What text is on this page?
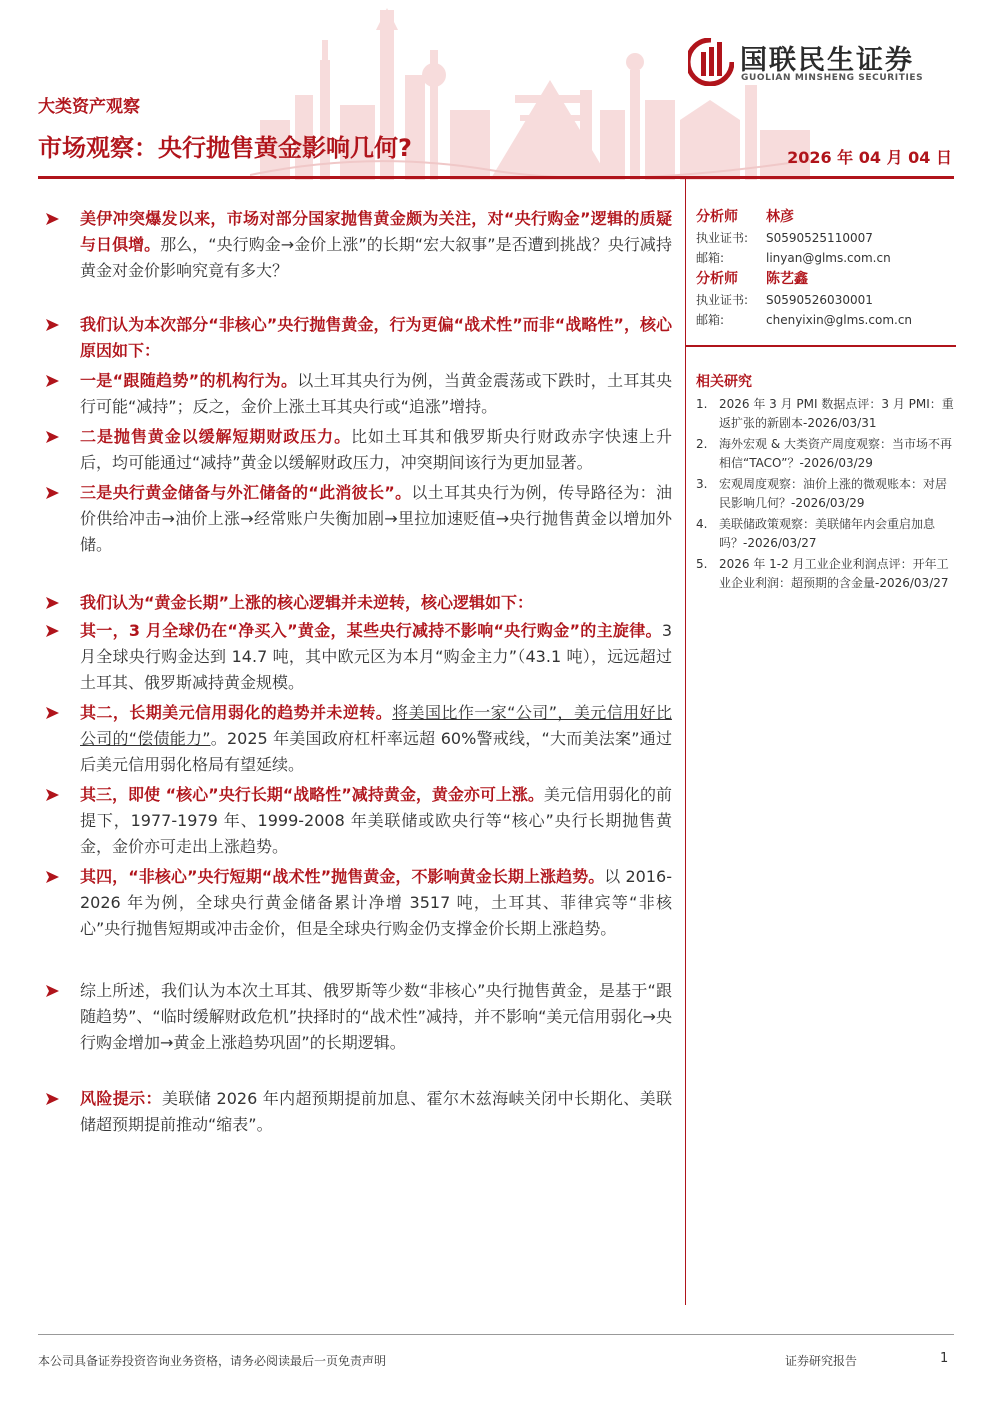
国联民生证券
GUOLIAN MINSHENG SECURITIES
大类资产观察
市场观察：央行抛售黄金影响几何?	2026 年 04 月 04 日
美伊冲突爆发以来，市场对部分国家抛售黄金颇为关注，对“央行购金”逻辑的质疑与日俱增。那么，“央行购金→金价上涨”的长期“宏大叙事”是否遭到挑战？央行减持黄金对金价影响究竟有多大？
我们认为本次部分“非核心”央行抛售黄金，行为更偏“战术性”而非“战略性”，核心原因如下：
一是“跟随趋势”的机构行为。以土耳其央行为例，当黄金震荡或下跌时，土耳其央行可能“减持”；反之，金价上涨土耳其央行或“追涨”增持。
二是抛售黄金以缓解短期财政压力。比如土耳其和俄罗斯央行财政赤字快速上升后，均可能通过“减持”黄金以缓解财政压力，冲突期间该行为更加显著。
三是央行黄金储备与外汇储备的“此消彼长”。以土耳其央行为例，传导路径为：油价供给冲击→油价上涨→经常账户失衡加剧→里拉加速贬值→央行抛售黄金以增加外储。
我们认为“黄金长期”上涨的核心逻辑并未逆转，核心逻辑如下：
其一，3 月全球仍在“净买入”黄金，某些央行减持不影响“央行购金”的主旋律。3 月全球央行购金达到 14.7 吨，其中欧元区为本月“购金主力”（43.1 吨），远远超过土耳其、俄罗斯减持黄金规模。
其二，长期美元信用弱化的趋势并未逆转。将美国比作一家“公司”，美元信用好比公司的“偿债能力”。2025 年美国政府杠杆率远超 60%警戒线，“大而美法案”通过后美元信用弱化格局有望延续。
其三，即使 “核心”央行长期“战略性”减持黄金，黄金亦可上涨。美元信用弱化的前提下，1977-1979 年、1999-2008 年美联储或欧央行等“核心”央行长期抛售黄金，金价亦可走出上涨趋势。
其四，“非核心”央行短期“战术性”抛售黄金，不影响黄金长期上涨趋势。以 2016-2026 年为例，全球央行黄金储备累计净增 3517 吨，土耳其、菲律宾等“非核心”央行抛售短期或冲击金价，但是全球央行购金仍支撑金价长期上涨趋势。
综上所述，我们认为本次土耳其、俄罗斯等少数“非核心”央行抛售黄金，是基于“跟随趋势”、“临时缓解财政危机”抉择时的“战术性”减持，并不影响“美元信用弱化→央行购金增加→黄金上涨趋势巩固”的长期逻辑。
风险提示：美联储 2026 年内超预期提前加息、霍尔木兹海峡关闭中长期化、美联储超预期提前推动“缩表”。
分析师 林彦
执业证书: S0590525110007
邮箱:	linyan@glms.com.cn
分析师 陈艺鑫
执业证书: S0590526030001
邮箱:	chenyixin@glms.com.cn
相关研究
1. 2026 年 3 月 PMI 数据点评：3 月 PMI：重返扩张的新剧本-2026/03/31
2. 海外宏观 & 大类资产周度观察：当市场不再相信“TACO”？-2026/03/29
3. 宏观周度观察：油价上涨的微观账本：对居民影响几何？-2026/03/29
4. 美联储政策观察：美联储年内会重启加息吗？-2026/03/27
5. 2026 年 1-2 月工业企业利润点评：开年工业企业利润：超预期的含金量-2026/03/27
本公司具备证券投资咨询业务资格，请务必阅读最后一页免责声明	证券研究报告	1
